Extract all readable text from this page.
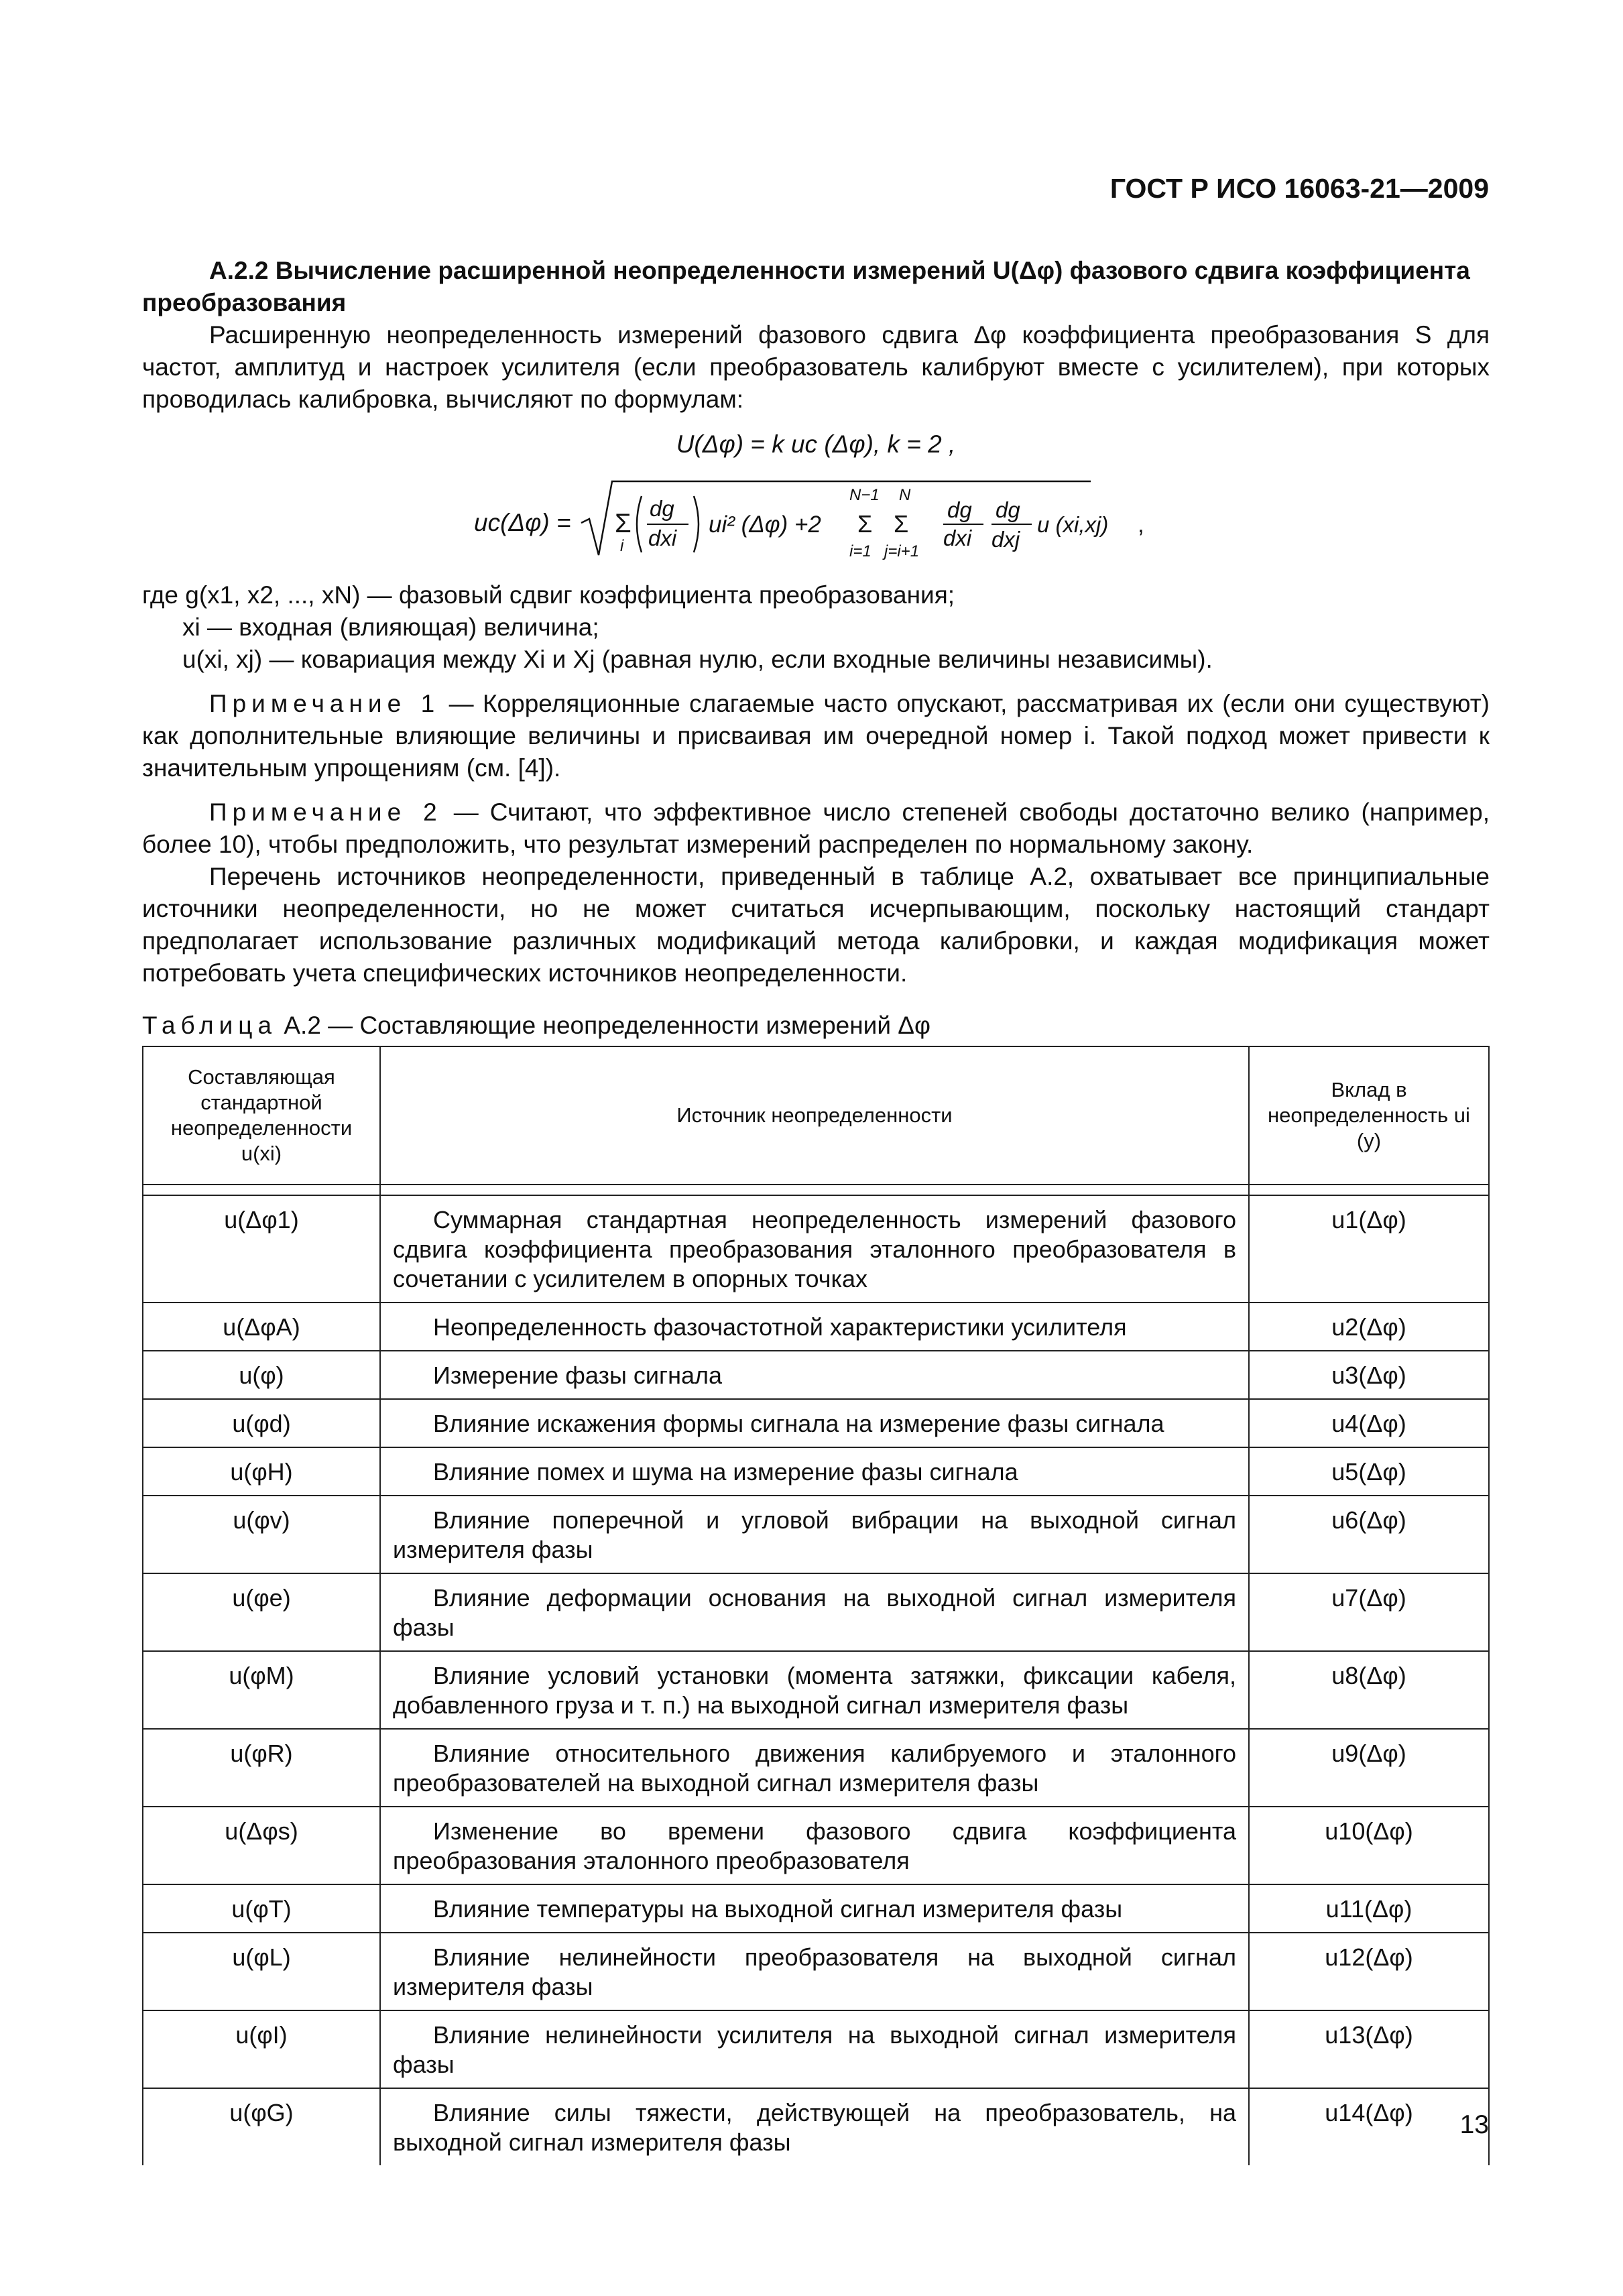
ГОСТ Р ИСО 16063-21—2009
А.2.2 Вычисление расширенной неопределенности измерений U(Δφ) фазового сдвига коэффициента преобразования

Расширенную неопределенность измерений фазового сдвига Δφ коэффициента преобразования S для частот, амплитуд и настроек усилителя (если преобразователь калибруют вместе с усилителем), при которых проводилась калибровка, вычисляют по формулам:

U(Δφ) = k uc (Δφ), k = 2 ,
uc(Δφ) = Σ
i
dg
dxi
ui² (Δφ) +2
N−1
Σ
i=1
N
Σ
j=i+1
dg
dxi
dg
dxj
u (xi,xj) ,
где g(x1, x2, ..., xN) — фазовый сдвиг коэффициента преобразования;
xi — входная (влияющая) величина;
u(xi, xj) — ковариация между Xi и Xj (равная нулю, если входные величины независимы).

Примечание 1 — Корреляционные слагаемые часто опускают, рассматривая их (если они существуют) как дополнительные влияющие величины и присваивая им очередной номер i. Такой подход может привести к значительным упрощениям (см. [4]).

Примечание 2 — Считают, что эффективное число степеней свободы достаточно велико (например, более 10), чтобы предположить, что результат измерений распределен по нормальному закону.

Перечень источников неопределенности, приведенный в таблице А.2, охватывает все принципиальные источники неопределенности, но не может считаться исчерпывающим, поскольку настоящий стандарт предполагает использование различных модификаций метода калибровки, и каждая модификация может потребовать учета специфических источников неопределенности.

Таблица А.2 — Составляющие неопределенности измерений Δφ
Составляющая стандартной неопределенности u(xi)	Источник неопределенности	Вклад в неопределенность ui (y)

u(Δφ1)	Суммарная стандартная неопределенность измерений фазового сдвига коэффициента преобразования эталонного преобразователя в сочетании с усилителем в опорных точках	u1(Δφ)
u(ΔφA)	Неопределенность фазочастотной характеристики усилителя	u2(Δφ)
u(φ)	Измерение фазы сигнала	u3(Δφ)
u(φd)	Влияние искажения формы сигнала на измерение фазы сигнала	u4(Δφ)
u(φH)	Влияние помех и шума на измерение фазы сигнала	u5(Δφ)
u(φv)	Влияние поперечной и угловой вибрации на выходной сигнал измерителя фазы	u6(Δφ)
u(φe)	Влияние деформации основания на выходной сигнал измерителя фазы	u7(Δφ)
u(φM)	Влияние условий установки (момента затяжки, фиксации кабеля, добавленного груза и т. п.) на выходной сигнал измерителя фазы	u8(Δφ)
u(φR)	Влияние относительного движения калибруемого и эталонного преобразователей на выходной сигнал измерителя фазы	u9(Δφ)
u(Δφs)	Изменение во времени фазового сдвига коэффициента преобразования эталонного преобразователя	u10(Δφ)
u(φT)	Влияние температуры на выходной сигнал измерителя фазы	u11(Δφ)
u(φL)	Влияние нелинейности преобразователя на выходной сигнал измерителя фазы	u12(Δφ)
u(φI)	Влияние нелинейности усилителя на выходной сигнал измерителя фазы	u13(Δφ)
u(φG)	Влияние силы тяжести, действующей на преобразователь, на выходной сигнал измерителя фазы	u14(Δφ) 13
